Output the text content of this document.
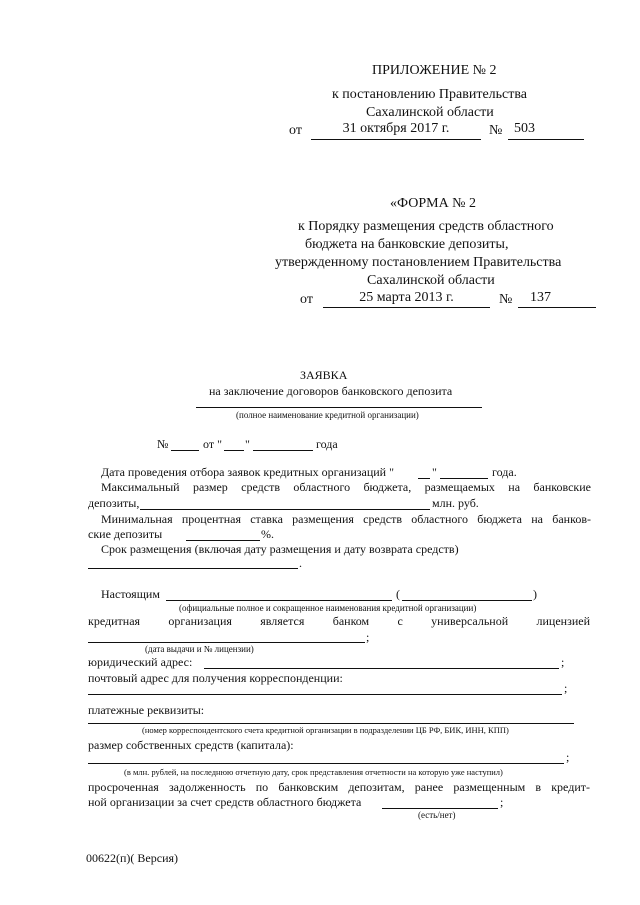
ПРИЛОЖЕНИЕ № 2
к постановлению Правительства
Сахалинской области
от	31 октября 2017 г.	№ 503
«ФОРМА № 2
к Порядку размещения средств областного
бюджета на банковские депозиты,
утвержденному постановлением Правительства
Сахалинской области
от	25 марта 2013 г.	№ 137
ЗАЯВКА
на заключение договоров банковского депозита
(полное наименование кредитной организации)
№	от " "	года
Дата проведения отбора заявок кредитных организаций "	"	года.
Максимальный размер средств областного бюджета, размещаемых на банковские
депозиты,	млн. руб.
Минимальная процентная ставка размещения средств областного бюджета на банков-
ские депозиты	%.
Срок размещения (включая дату размещения и дату возврата средств)
.
Настоящим	(	)
(официальные полное и сокращенное наименования кредитной организации)
кредитная организация является банком с универсальной лицензией
;
(дата выдачи и № лицензии)
юридический адрес:	;
почтовый адрес для получения корреспонденции:
;
платежные реквизиты:
(номер корреспондентского счета кредитной организации в подразделении ЦБ РФ, БИК, ИНН, КПП)
размер собственных средств (капитала):
;
(в млн. рублей, на последнюю отчетную дату, срок представления отчетности на которую уже наступил)
просроченная задолженность по банковским депозитам, ранее размещенным в кредит-
ной организации за счет средств областного бюджета	;
(есть/нет)
00622(п)( Версия)
